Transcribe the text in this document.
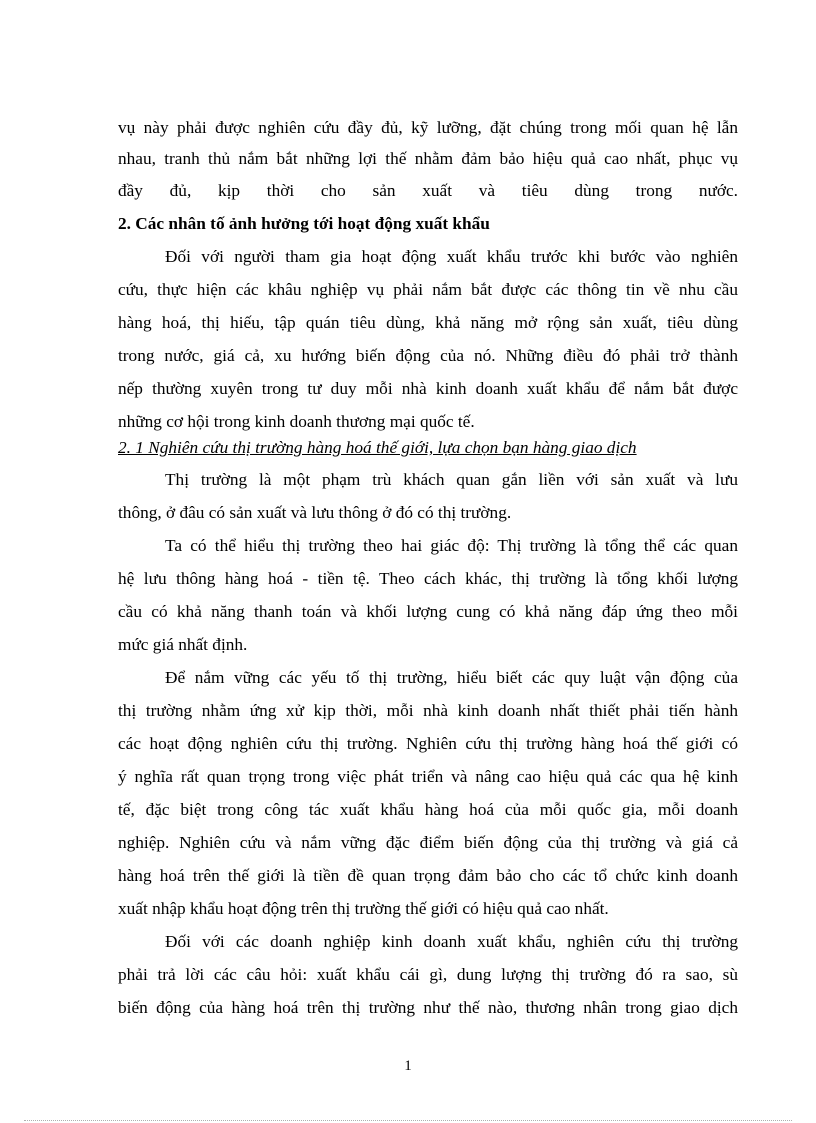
vụ này phải được nghiên cứu đầy đủ, kỹ lưỡng, đặt chúng trong mối quan hệ lẫn
nhau, tranh thủ nắm bắt những lợi thế nhằm đảm bảo hiệu quả cao nhất, phục vụ
đầy đủ, kịp thời cho sản xuất và tiêu dùng trong nước.
2. Các nhân tố ảnh hưởng tới hoạt động xuất khẩu
Đối với người tham gia hoạt động xuất khẩu trước khi bước vào nghiên
cứu, thực hiện các khâu nghiệp vụ phải nắm bắt được các thông tin về nhu cầu
hàng hoá, thị hiếu, tập quán tiêu dùng, khả năng mở rộng sản xuất, tiêu dùng
trong nước, giá cả, xu hướng biến động của nó. Những điều đó phải trở thành
nếp thường xuyên trong tư duy mỗi nhà kinh doanh xuất khẩu để nắm bắt được
những cơ hội trong kinh doanh thương mại quốc tế.
2. 1 Nghiên cứu thị trường hàng hoá thế giới, lựa chọn bạn hàng giao dịch
Thị trường là một phạm trù khách quan gắn liền với sản xuất và lưu
thông, ở đâu có sản xuất và lưu thông ở đó có thị trường.
Ta có thể hiểu thị trường theo hai giác độ: Thị trường là tổng thể các quan
hệ lưu thông hàng hoá - tiền tệ. Theo cách khác, thị trường là tổng khối lượng
cầu có khả năng thanh toán và khối lượng cung có khả năng đáp ứng theo mỗi
mức giá nhất định.
Để nắm vững các yếu tố thị trường, hiểu biết các quy luật vận động của
thị trường nhằm ứng xử kịp thời, mỗi nhà kinh doanh nhất thiết phải tiến hành
các hoạt động nghiên cứu thị trường. Nghiên cứu thị trường hàng hoá thế giới có
ý nghĩa rất quan trọng trong việc phát triển và nâng cao hiệu quả các qua hệ kinh
tế, đặc biệt trong công tác xuất khẩu hàng hoá của mỗi quốc gia, mỗi doanh
nghiệp. Nghiên cứu và nắm vững đặc điểm biến động của thị trường và giá cả
hàng hoá trên thế giới là tiền đề quan trọng đảm bảo cho các tổ chức kinh doanh
xuất nhập khẩu hoạt động trên thị trường thế giới có hiệu quả cao nhất.
Đối với các doanh nghiệp kinh doanh xuất khẩu, nghiên cứu thị trường
phải trả lời các câu hỏi: xuất khẩu cái gì, dung lượng thị trường đó ra sao, sù
biến động của hàng hoá trên thị trường như thế nào, thương nhân trong giao dịch
1
